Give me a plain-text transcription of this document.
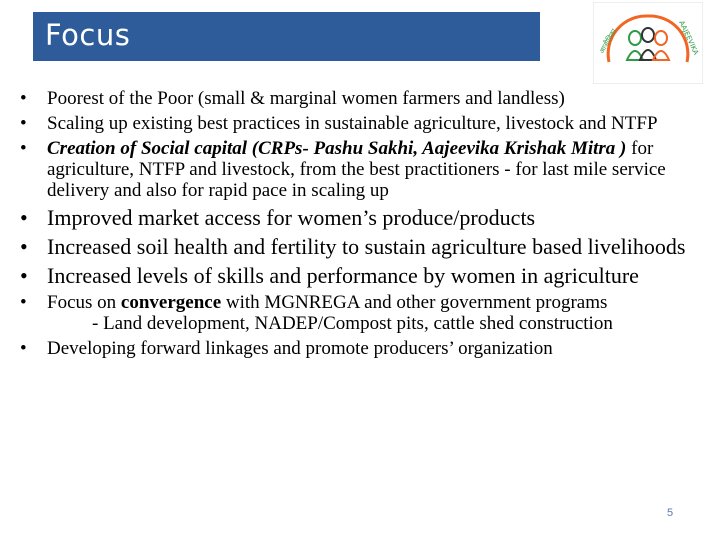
Focus	आजीविका	AAJEEVIKA
• Poorest of the Poor (small & marginal women farmers and landless)
• Scaling up existing best practices in sustainable agriculture, livestock and NTFP
• Creation of Social capital (CRPs- Pashu Sakhi, Aajeevika Krishak Mitra ) for agriculture, NTFP and livestock, from the best practitioners - for last mile service delivery and also for rapid pace in scaling up
• Improved market access for women’s produce/products
• Increased soil health and fertility to sustain agriculture based livelihoods
• Increased levels of skills and performance by women in agriculture
• Focus on convergence with MGNREGA and other government programs
- Land development, NADEP/Compost pits, cattle shed construction
• Developing forward linkages and promote producers’ organization
5
